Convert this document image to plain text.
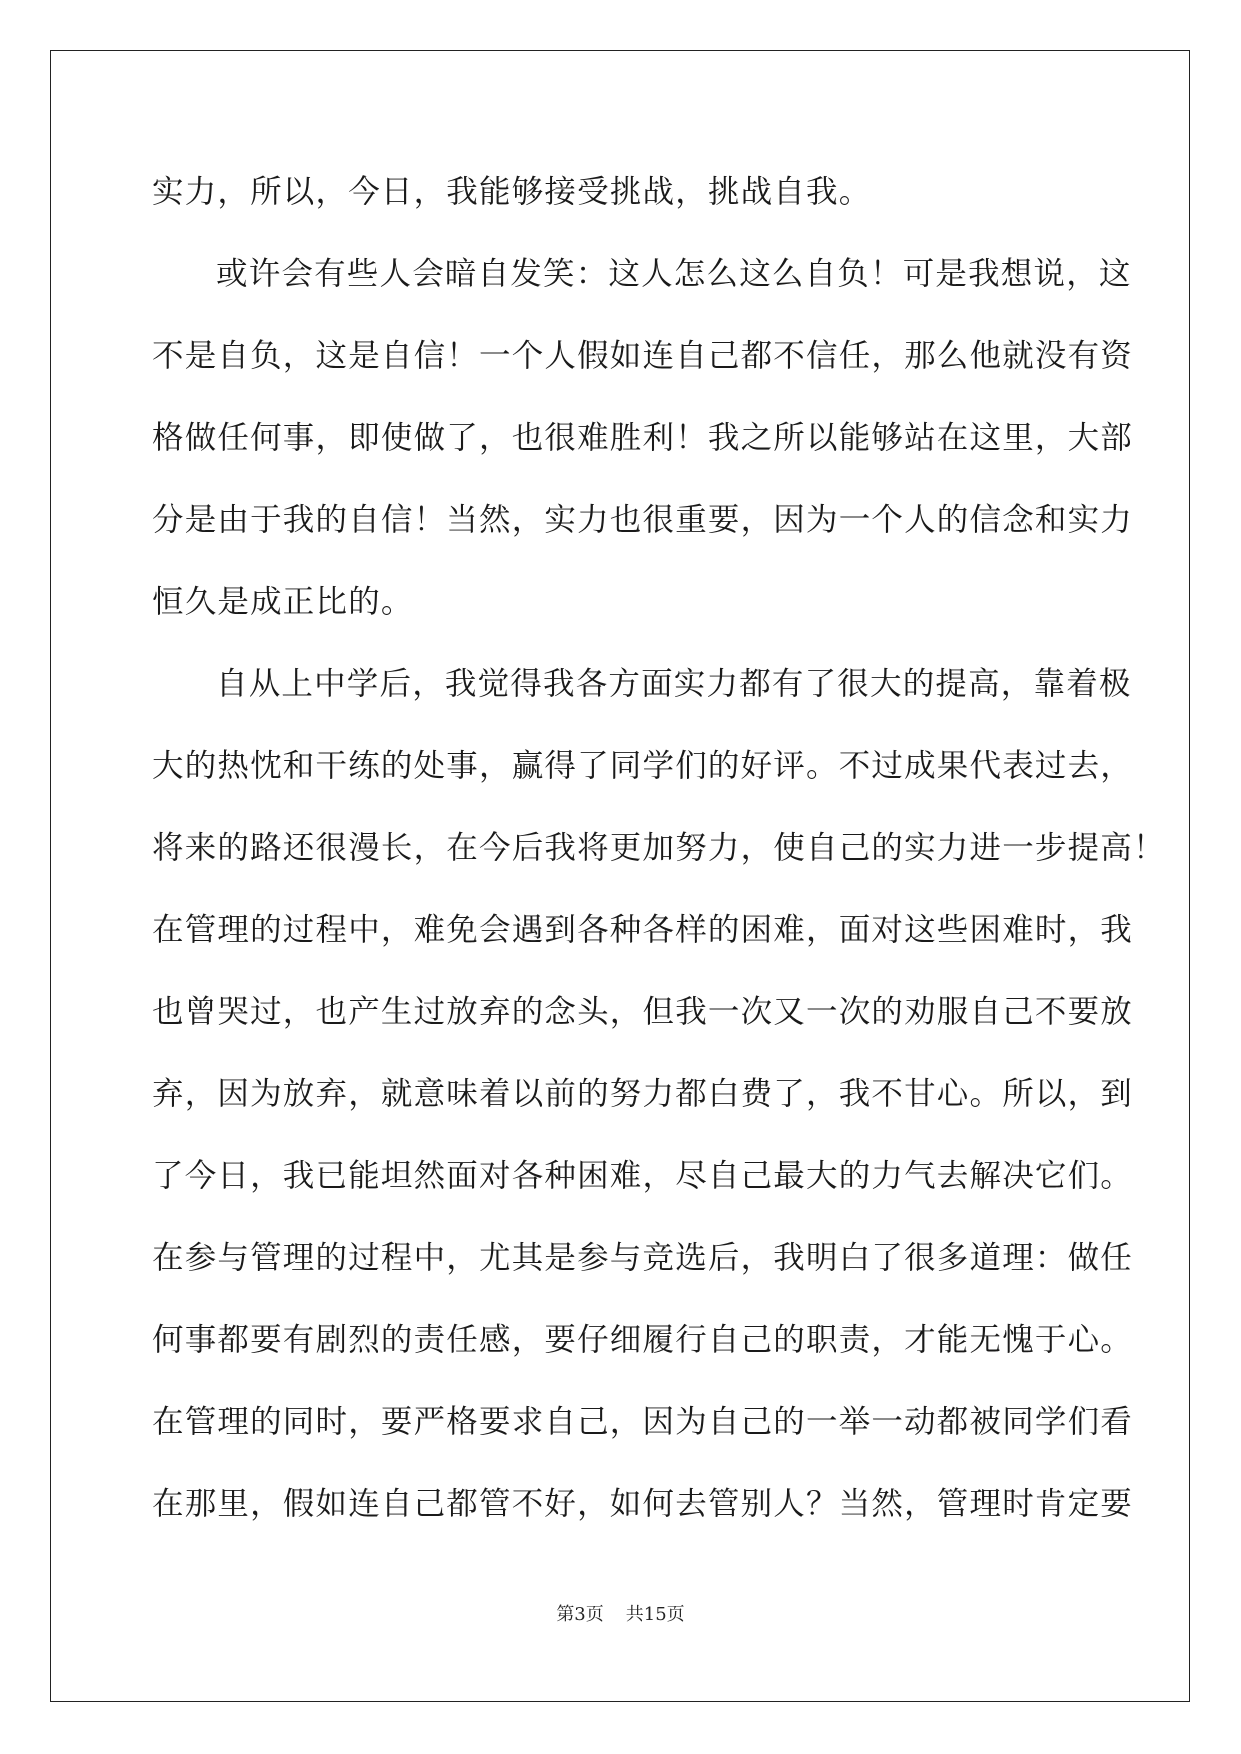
实力，所以，今日，我能够接受挑战，挑战自我。
或许会有些人会暗自发笑：这人怎么这么自负！可是我想说，这
不是自负，这是自信！一个人假如连自己都不信任，那么他就没有资
格做任何事，即使做了，也很难胜利！我之所以能够站在这里，大部
分是由于我的自信！当然，实力也很重要，因为一个人的信念和实力
恒久是成正比的。
自从上中学后，我觉得我各方面实力都有了很大的提高，靠着极
大的热忱和干练的处事，赢得了同学们的好评。不过成果代表过去，
将来的路还很漫长，在今后我将更加努力，使自己的实力进一步提高！
在管理的过程中，难免会遇到各种各样的困难，面对这些困难时，我
也曾哭过，也产生过放弃的念头，但我一次又一次的劝服自己不要放
弃，因为放弃，就意味着以前的努力都白费了，我不甘心。所以，到
了今日，我已能坦然面对各种困难，尽自己最大的力气去解决它们。
在参与管理的过程中，尤其是参与竞选后，我明白了很多道理：做任
何事都要有剧烈的责任感，要仔细履行自己的职责，才能无愧于心。
在管理的同时，要严格要求自己，因为自己的一举一动都被同学们看
在那里，假如连自己都管不好，如何去管别人？当然，管理时肯定要
第3页 共15页
